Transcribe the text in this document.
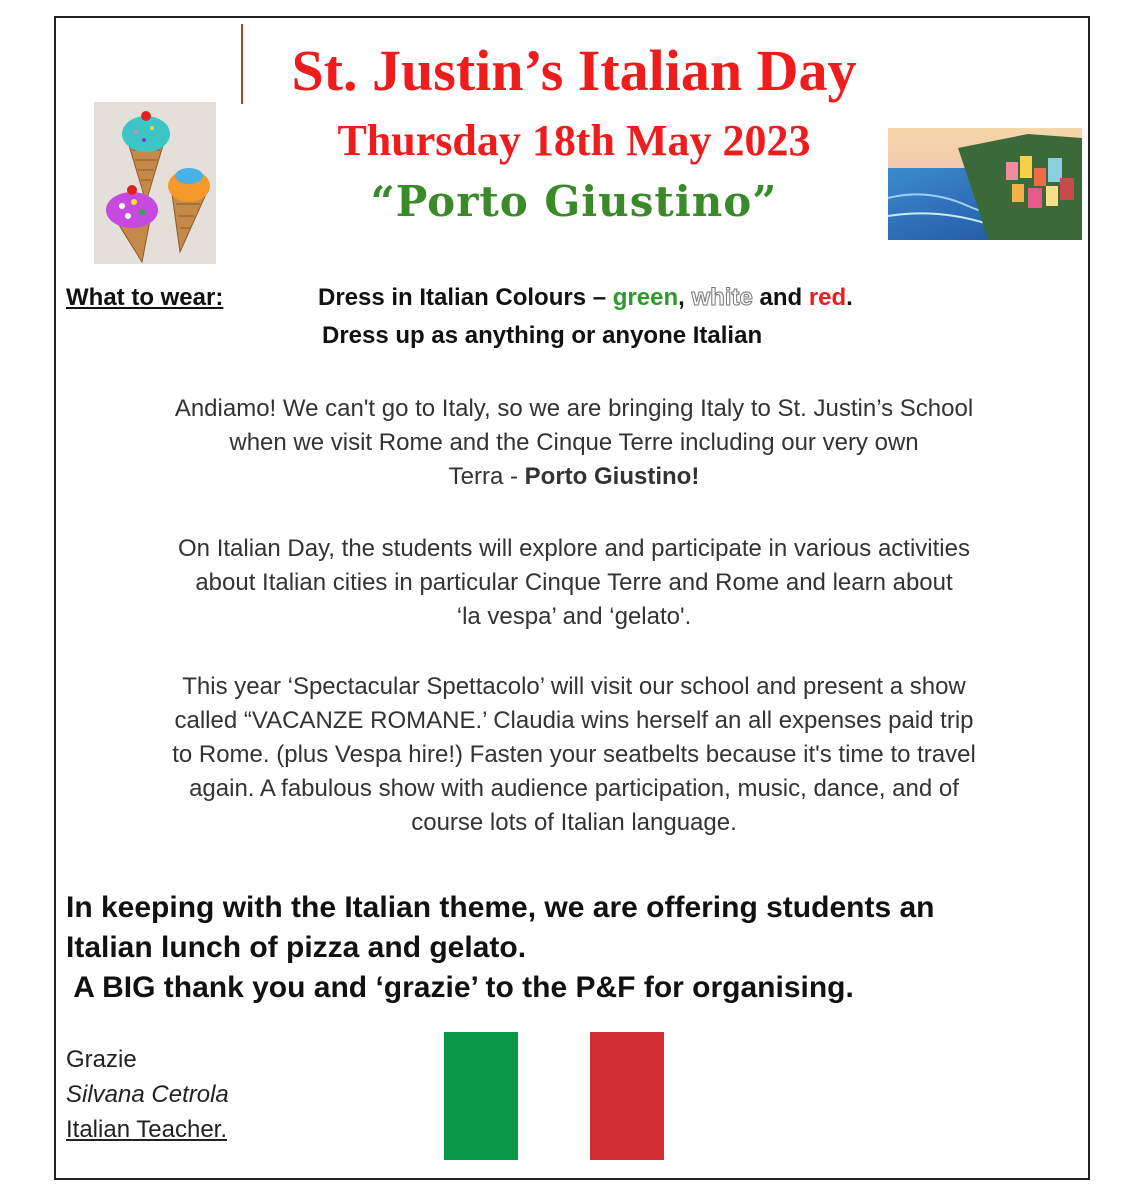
St. Justin’s Italian Day
Thursday 18th May 2023
“Porto Giustino”
What to wear:	Dress in Italian Colours – green, white and red.
Dress up as anything or anyone Italian
Andiamo! We can't go to Italy, so we are bringing Italy to St. Justin’s School
when we visit Rome and the Cinque Terre including our very own
Terra - Porto Giustino!
On Italian Day, the students will explore and participate in various activities
about Italian cities in particular Cinque Terre and Rome and learn about
‘la vespa’ and ‘gelato'.
This year ‘Spectacular Spettacolo’ will visit our school and present a show
called “VACANZE ROMANE.’ Claudia wins herself an all expenses paid trip
to Rome. (plus Vespa hire!) Fasten your seatbelts because it's time to travel
again. A fabulous show with audience participation, music, dance, and of
course lots of Italian language.
In keeping with the Italian theme, we are offering students an
Italian lunch of pizza and gelato.
A BIG thank you and ‘grazie’ to the P&F for organising.
Grazie
Silvana Cetrola
Italian Teacher.
